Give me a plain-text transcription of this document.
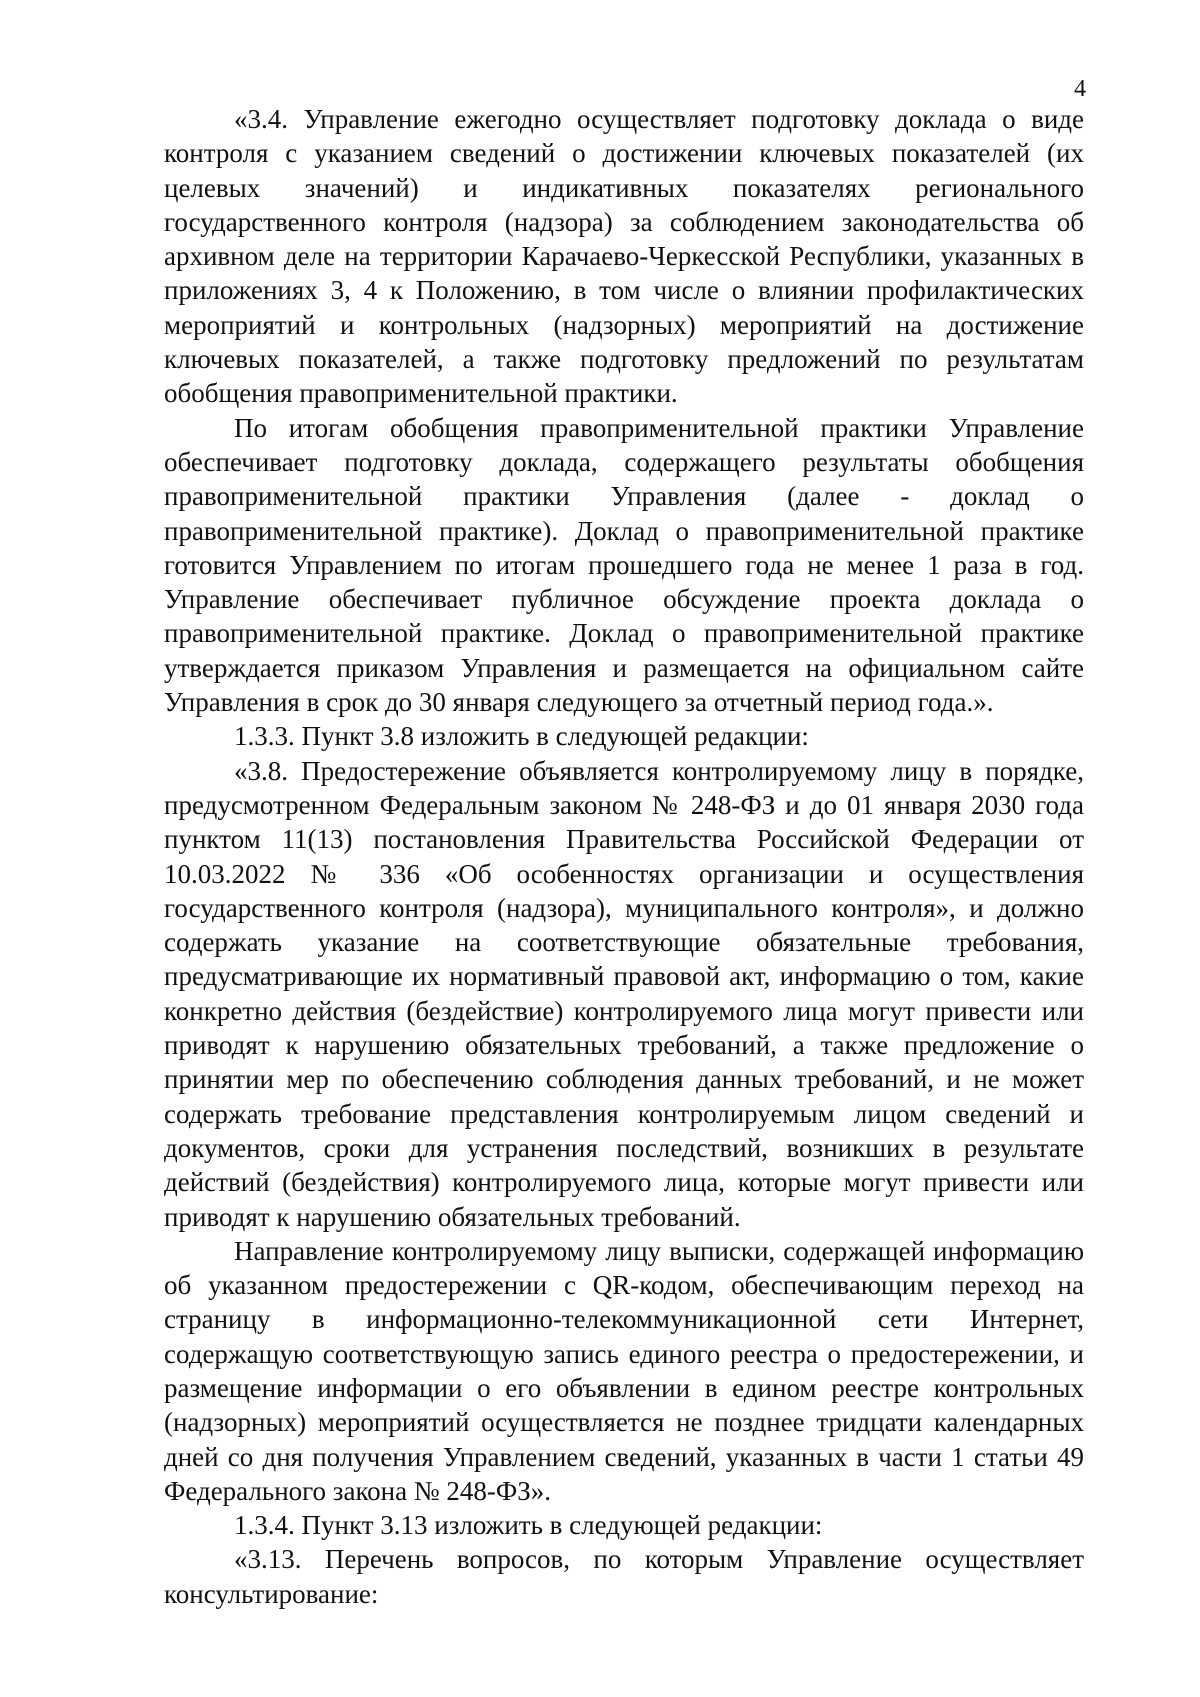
4

«3.4. Управление ежегодно осуществляет подготовку доклада о виде контроля с указанием сведений о достижении ключевых показателей (их целевых значений) и индикативных показателях регионального государственного контроля (надзора) за соблюдением законодательства об архивном деле на территории Карачаево-Черкесской Республики, указанных в приложениях 3, 4 к Положению, в том числе о влиянии профилактических мероприятий и контрольных (надзорных) мероприятий на достижение ключевых показателей, а также подготовку предложений по результатам обобщения правоприменительной практики.

По итогам обобщения правоприменительной практики Управление обеспечивает подготовку доклада, содержащего результаты обобщения правоприменительной практики Управления (далее - доклад о правоприменительной практике). Доклад о правоприменительной практике готовится Управлением по итогам прошедшего года не менее 1 раза в год. Управление обеспечивает публичное обсуждение проекта доклада о правоприменительной практике. Доклад о правоприменительной практике утверждается приказом Управления и размещается на официальном сайте Управления в срок до 30 января следующего за отчетный период года.».

1.3.3. Пункт 3.8 изложить в следующей редакции:

«3.8. Предостережение объявляется контролируемому лицу в порядке, предусмотренном Федеральным законом № 248-ФЗ и до 01 января 2030 года пунктом 11(13) постановления Правительства Российской Федерации от 10.03.2022 № 336 «Об особенностях организации и осуществления государственного контроля (надзора), муниципального контроля», и должно содержать указание на соответствующие обязательные требования, предусматривающие их нормативный правовой акт, информацию о том, какие конкретно действия (бездействие) контролируемого лица могут привести или приводят к нарушению обязательных требований, а также предложение о принятии мер по обеспечению соблюдения данных требований, и не может содержать требование представления контролируемым лицом сведений и документов, сроки для устранения последствий, возникших в результате действий (бездействия) контролируемого лица, которые могут привести или приводят к нарушению обязательных требований.

Направление контролируемому лицу выписки, содержащей информацию об указанном предостережении с QR-кодом, обеспечивающим переход на страницу в информационно-телекоммуникационной сети Интернет, содержащую соответствующую запись единого реестра о предостережении, и размещение информации о его объявлении в едином реестре контрольных (надзорных) мероприятий осуществляется не позднее тридцати календарных дней со дня получения Управлением сведений, указанных в части 1 статьи 49 Федерального закона № 248-ФЗ».

1.3.4. Пункт 3.13 изложить в следующей редакции:

«3.13. Перечень вопросов, по которым Управление осуществляет консультирование:
